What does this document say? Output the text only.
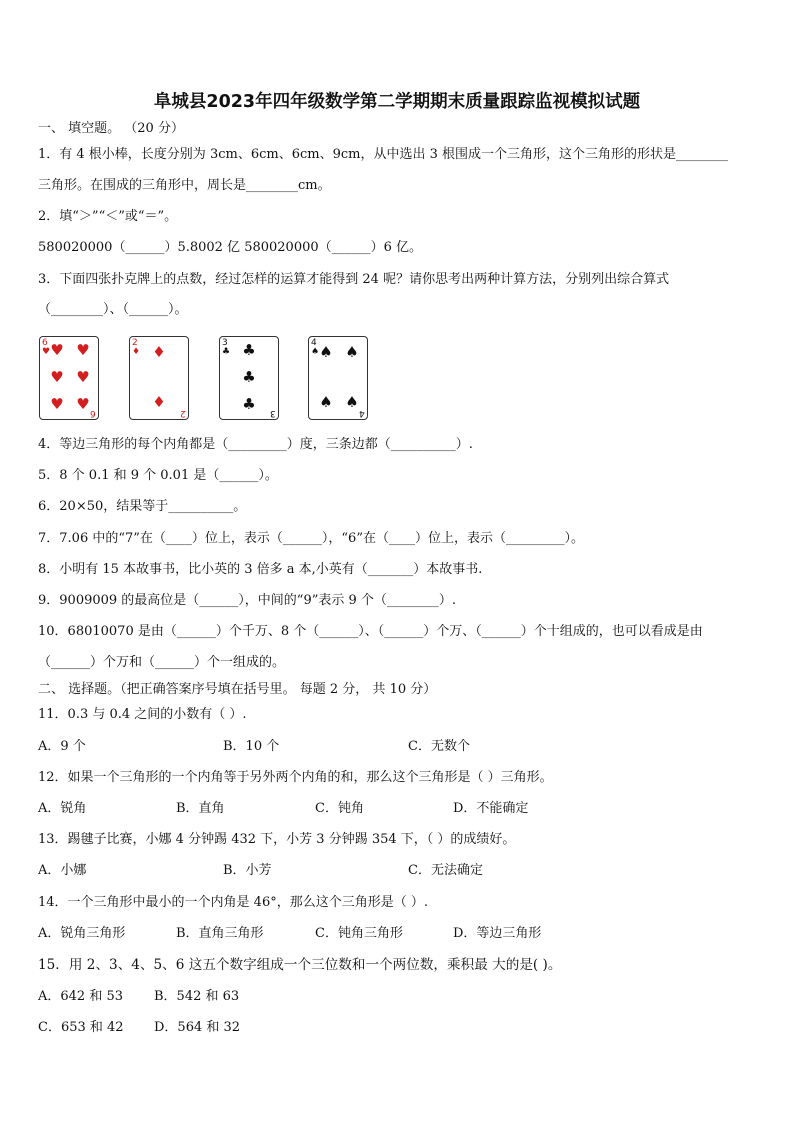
阜城县2023年四年级数学第二学期期末质量跟踪监视模拟试题
一、 填空题。 （20 分）
1．有 4 根小棒，长度分别为 3cm、6cm、6cm、9cm，从中选出 3 根围成一个三角形，这个三角形的形状是________
三角形。在围成的三角形中，周长是________cm。
2．填“＞”“＜”或“＝”。
580020000（______）5.8002 亿 580020000（______）6 亿。
3．下面四张扑克牌上的点数，经过怎样的运算才能得到 24 呢？请你思考出两种计算方法，分别列出综合算式
（________）、（______）。
6
♥ ♥ ♥
♥ ♥
♥ ♥ 6
2
♦ ♦
♦
2
3
♣ ♣
♣
♣ 3
4
♠ ♠ ♠
♠ ♠
4
4．等边三角形的每个内角都是（_________）度，三条边都（__________）.
5．8 个 0.1 和 9 个 0.01 是（______）。
6．20×50，结果等于__________。
7．7.06 中的“7”在（____）位上，表示（______），“6”在（____）位上，表示（_________）。
8．小明有 15 本故事书，比小英的 3 倍多 a 本,小英有（_______）本故事书.
9．9009009 的最高位是（______），中间的“9”表示 9 个（________）.
10．68010070 是由（______）个千万、8 个（______）、（______）个万、（______）个十组成的，也可以看成是由
（______）个万和（______）个一组成的。
二、 选择题。（把正确答案序号填在括号里。 每题 2 分， 共 10 分）
11．0.3 与 0.4 之间的小数有（ ）.
A．9 个	B．10 个	C．无数个
12．如果一个三角形的一个内角等于另外两个内角的和，那么这个三角形是（ ）三角形。
A．锐角	B．直角	C．钝角	D．不能确定
13．踢毽子比赛，小娜 4 分钟踢 432 下，小芳 3 分钟踢 354 下，（ ）的成绩好。
A．小娜	B．小芳	C．无法确定
14．一个三角形中最小的一个内角是 46°，那么这个三角形是（ ）.
A．锐角三角形	B．直角三角形	C．钝角三角形	D．等边三角形
15．用 2、3、4、5、6 这五个数字组成一个三位数和一个两位数，乘积最 大的是( )。
A．642 和 53 B．542 和 63
C．653 和 42 D．564 和 32
